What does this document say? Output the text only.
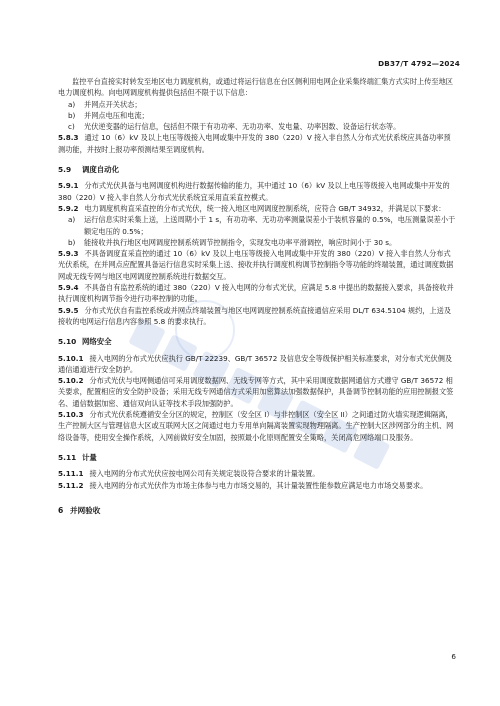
DB37/T 4792—2024

监控平台直接实时转发至地区电力调度机构，或通过将运行信息在台区侧利用电网企业采集终端汇集方式实时上传至地区电力调度机构。向电网调度机构提供包括但不限于以下信息：

a) 并网点开关状态；
b) 并网点电压和电流；
c) 光伏逆变器的运行信息，包括但不限于有功功率、无功功率、发电量、功率因数、设备运行状态等。

5.8.3 通过 10（6）kV 及以上电压等级接入电网或集中开发的 380（220）V 接入非自然人分布式光伏系统应具备功率预测功能，并按时上报功率预测结果至调度机构。

5.9 调度自动化

5.9.1 分布式光伏具备与电网调度机构进行数据传输的能力，其中通过 10（6）kV 及以上电压等级接入电网或集中开发的 380（220）V 接入非自然人分布式光伏系统宜采用直采直控模式。

5.9.2 电力调度机构直采直控的分布式光伏，统一接入地区电网调度控制系统，应符合 GB/T 34932，并满足以下要求：

a) 运行信息实时采集上送，上送周期小于 1 s，有功功率、无功功率测量误差小于装机容量的 0.5%，电压测量误差小于额定电压的 0.5%；
b) 能接收并执行地区电网调度控制系统调节控制指令，实现发电功率平滑调控，响应时间小于 30 s。

5.9.3 不具备调度直采直控的通过 10（6）kV 及以上电压等级接入电网或集中开发的 380（220）V 接入非自然人分布式光伏系统，在并网点应配置具备运行信息实时采集上送、接收并执行调度机构调节控制指令等功能的终端装置，通过调度数据网或无线专网与地区电网调度控制系统进行数据交互。

5.9.4 不具备自有监控系统的通过 380（220）V 接入电网的分布式光伏，应满足 5.8 中提出的数据接入要求，具备接收并执行调度机构调节指令进行功率控制的功能。

5.9.5 分布式光伏自有监控系统或并网点终端装置与地区电网调度控制系统直接通信应采用 DL/T 634.5104 规约，上送及接收的电网运行信息内容参照 5.8 的要求执行。

5.10 网络安全

5.10.1 接入电网的分布式光伏应执行 GB/T 22239、GB/T 36572 及信息安全等级保护相关标准要求，对分布式光伏侧及通信通道进行安全防护。

5.10.2 分布式光伏与电网侧通信可采用调度数据网、无线专网等方式，其中采用调度数据网通信方式遵守 GB/T 36572 相关要求，配置相应的安全防护设备；采用无线专网通信方式采用加密算法加强数据保护，具备调节控制功能的应用控制报文签名、通信数据加密、通信双向认证等技术手段加强防护。

5.10.3 分布式光伏系统遵循安全分区的规定，控制区（安全区 I）与非控制区（安全区 II）之间通过防火墙实现逻辑隔离，生产控制大区与管理信息大区或互联网大区之间通过电力专用单向隔离装置实现物理隔离。生产控制大区涉网部分的主机、网络设备等，使用安全操作系统，入网前做好安全加固，按照最小化原则配置安全策略，关闭高危网络端口及服务。

5.11 计量

5.11.1 接入电网的分布式光伏应按电网公司有关规定装设符合要求的计量装置。

5.11.2 接入电网的分布式光伏作为市场主体参与电力市场交易的，其计量装置性能参数应满足电力市场交易要求。

6 并网验收
6
